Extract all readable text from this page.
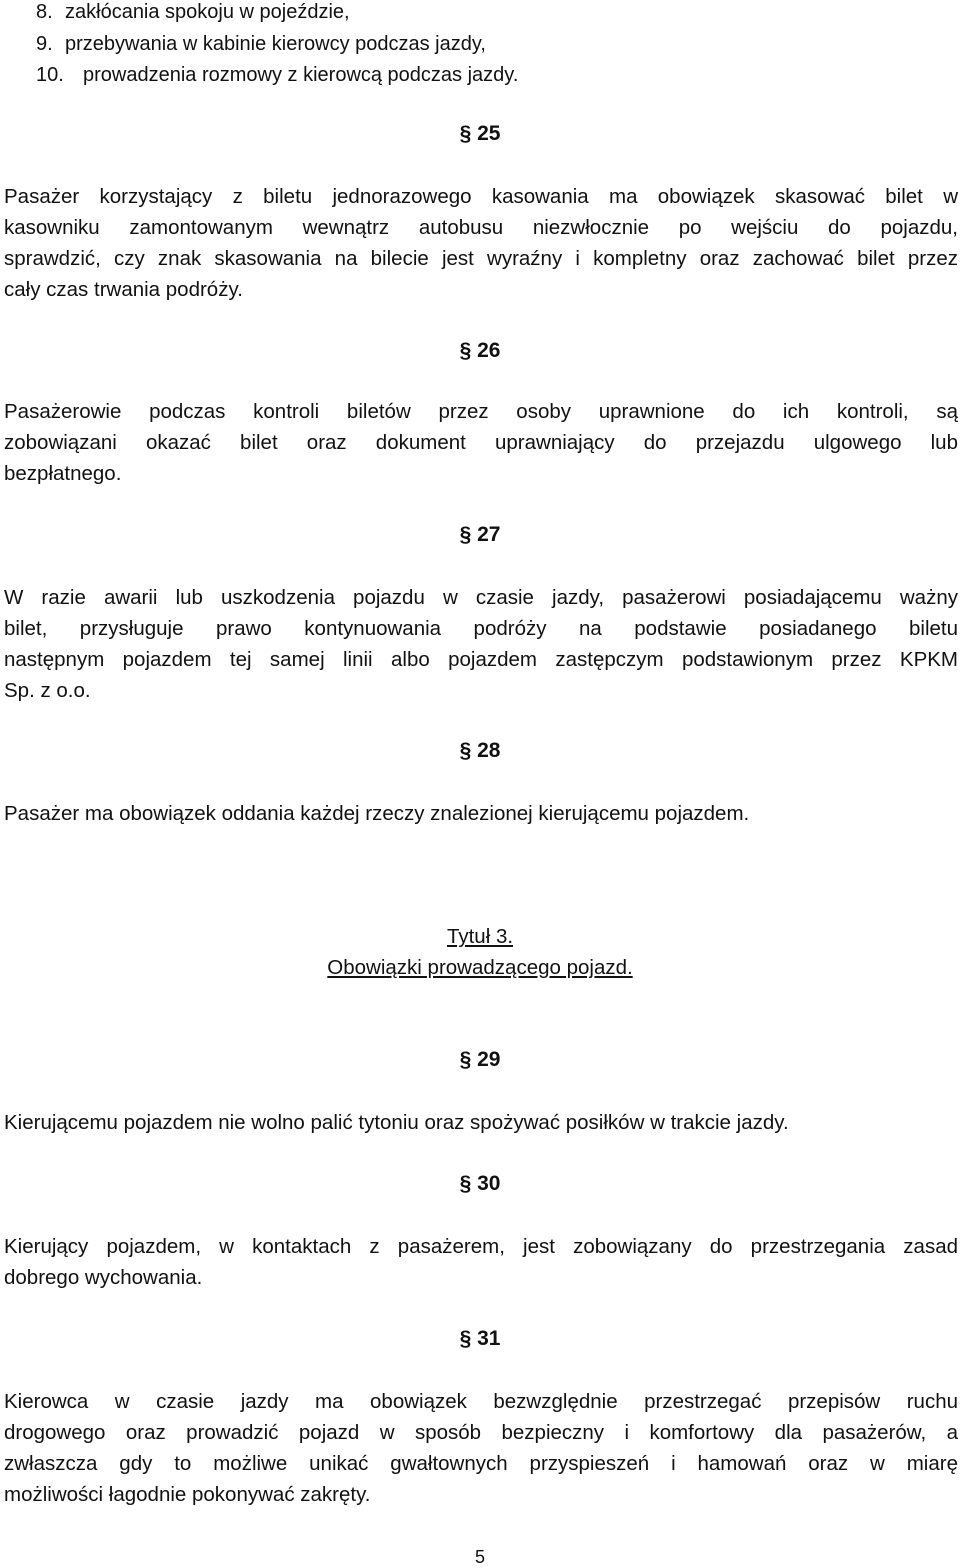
8. zakłócania spokoju w pojeździe,
9. przebywania w kabinie kierowcy podczas jazdy,
10. prowadzenia rozmowy z kierowcą podczas jazdy.
§ 25
Pasażer korzystający z biletu jednorazowego kasowania ma obowiązek skasować bilet w
kasowniku zamontowanym wewnątrz autobusu niezwłocznie po wejściu do pojazdu,
sprawdzić, czy znak skasowania na bilecie jest wyraźny i kompletny oraz zachować bilet przez
cały czas trwania podróży.
§ 26
Pasażerowie podczas kontroli biletów przez osoby uprawnione do ich kontroli, są
zobowiązani okazać bilet oraz dokument uprawniający do przejazdu ulgowego lub
bezpłatnego.
§ 27
W razie awarii lub uszkodzenia pojazdu w czasie jazdy, pasażerowi posiadającemu ważny
bilet, przysługuje prawo kontynuowania podróży na podstawie posiadanego biletu
następnym pojazdem tej samej linii albo pojazdem zastępczym podstawionym przez KPKM
Sp. z o.o.
§ 28
Pasażer ma obowiązek oddania każdej rzeczy znalezionej kierującemu pojazdem.
Tytuł 3.
Obowiązki prowadzącego pojazd.
§ 29
Kierującemu pojazdem nie wolno palić tytoniu oraz spożywać posiłków w trakcie jazdy.
§ 30
Kierujący pojazdem, w kontaktach z pasażerem, jest zobowiązany do przestrzegania zasad
dobrego wychowania.
§ 31
Kierowca w czasie jazdy ma obowiązek bezwzględnie przestrzegać przepisów ruchu
drogowego oraz prowadzić pojazd w sposób bezpieczny i komfortowy dla pasażerów, a
zwłaszcza gdy to możliwe unikać gwałtownych przyspieszeń i hamowań oraz w miarę
możliwości łagodnie pokonywać zakręty.
5
